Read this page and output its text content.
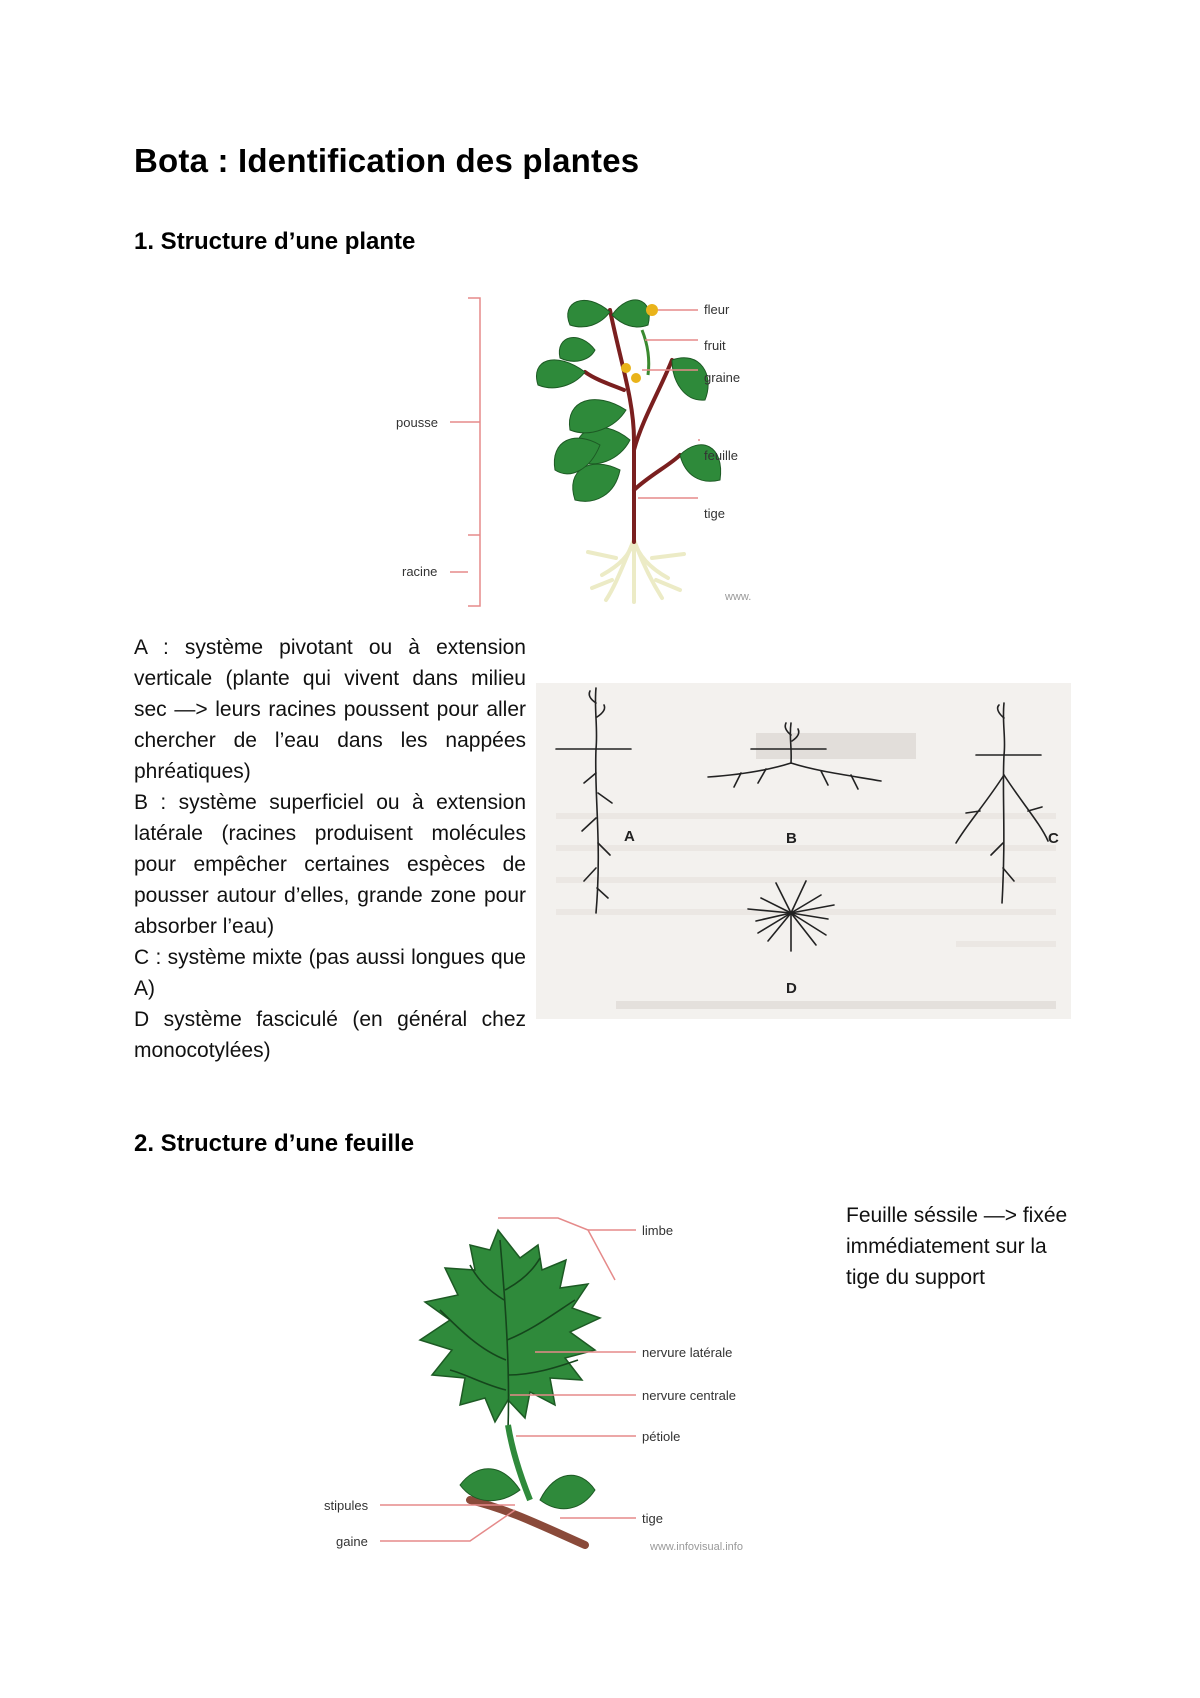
Bota : Identification des plantes
1. Structure d’une plante
pousse
racine
fleur
fruit
graine
feuille
tige
www.

A : système pivotant ou à extension verticale (plante qui vivent dans milieu sec —> leurs racines poussent pour aller chercher de l’eau dans les nappées phréatiques)

B : système superficiel ou à extension latérale (racines produisent molécules pour empêcher certaines espèces de pousser autour d’elles, grande zone pour absorber l’eau)

C : système mixte (pas aussi longues que A)

D système fasciculé (en général chez monocotylées)

A	B	C
D
2. Structure d’une feuille
limbe
nervure latérale
nervure centrale
pétiole
tige
stipules
gaine	www.infovisual.info
Feuille séssile —> fixée immédiatement sur la tige du support
